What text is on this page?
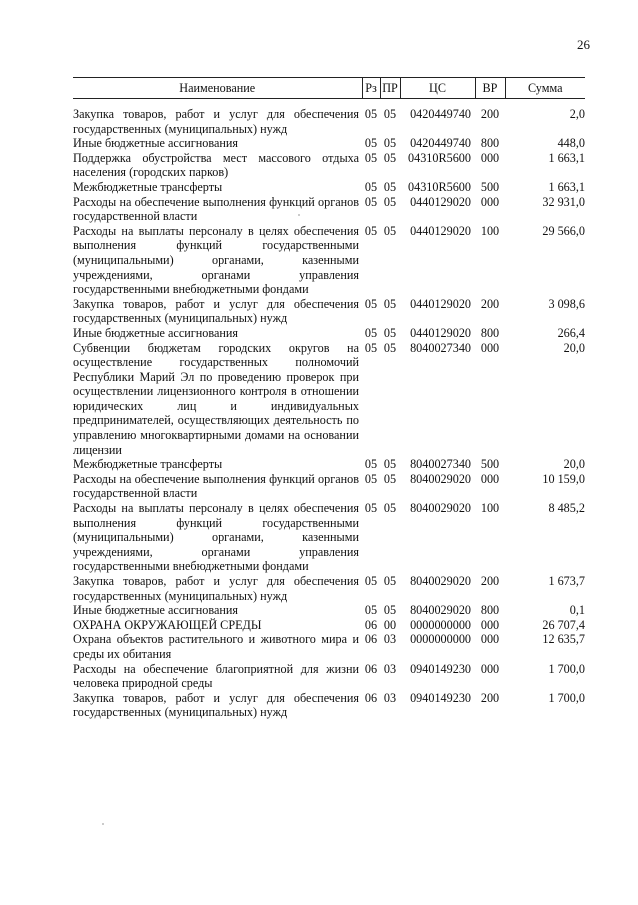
26
Наименование	Рз	ПР	ЦС	ВР	Сумма
Закупка товаров, работ и услуг для обеспечения государственных (муниципальных) нужд	05	05	0420449740	200	2,0
Иные бюджетные ассигнования	05	05	0420449740	800	448,0
Поддержка обустройства мест массового отдыха населения (городских парков)	05	05	04310R5600	000	1 663,1
Межбюджетные трансферты	05	05	04310R5600	500	1 663,1
Расходы на обеспечение выполнения функций органов государственной власти	05	05	0440129020	000	32 931,0
Расходы на выплаты персоналу в целях обеспечения выполнения функций государственными (муниципальными) органами, казенными учреждениями, органами управления государственными внебюджетными фондами	05	05	0440129020	100	29 566,0
Закупка товаров, работ и услуг для обеспечения государственных (муниципальных) нужд	05	05	0440129020	200	3 098,6
Иные бюджетные ассигнования	05	05	0440129020	800	266,4
Субвенции бюджетам городских округов на осуществление государственных полномочий Республики Марий Эл по проведению проверок при осуществлении лицензионного контроля в отношении юридических лиц и индивидуальных предпринимателей, осуществляющих деятельность по управлению многоквартирными домами на основании лицензии	05	05	8040027340	000	20,0
Межбюджетные трансферты	05	05	8040027340	500	20,0
Расходы на обеспечение выполнения функций органов государственной власти	05	05	8040029020	000	10 159,0
Расходы на выплаты персоналу в целях обеспечения выполнения функций государственными (муниципальными) органами, казенными учреждениями, органами управления государственными внебюджетными фондами	05	05	8040029020	100	8 485,2
Закупка товаров, работ и услуг для обеспечения государственных (муниципальных) нужд	05	05	8040029020	200	1 673,7
Иные бюджетные ассигнования	05	05	8040029020	800	0,1
ОХРАНА ОКРУЖАЮЩЕЙ СРЕДЫ	06	00	0000000000	000	26 707,4
Охрана объектов растительного и животного мира и среды их обитания	06	03	0000000000	000	12 635,7
Расходы на обеспечение благоприятной для жизни человека природной среды	06	03	0940149230	000	1 700,0
Закупка товаров, работ и услуг для обеспечения государственных (муниципальных) нужд	06	03	0940149230	200	1 700,0
